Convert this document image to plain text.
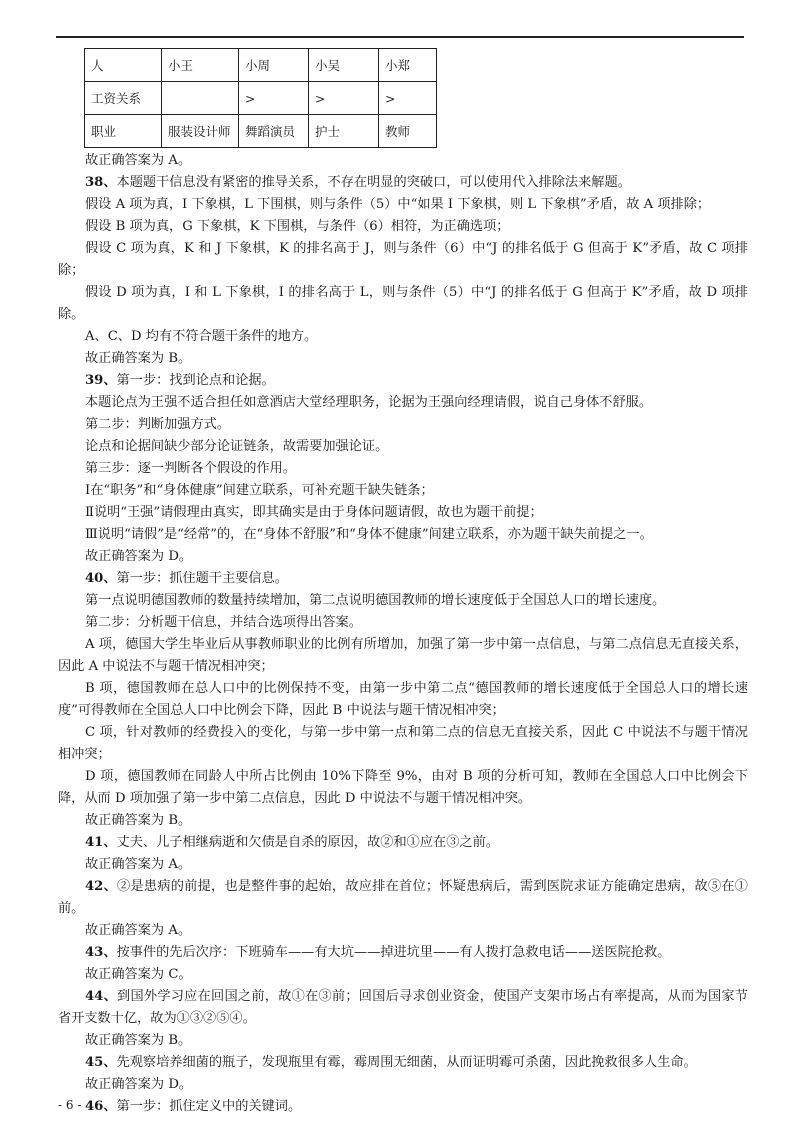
人	小王	小周	小吴	小郑
工资关系		>	>	>
职业	服装设计师	舞蹈演员	护士	教师

故正确答案为 A。

38、本题题干信息没有紧密的推导关系，不存在明显的突破口，可以使用代入排除法来解题。

假设 A 项为真，I 下象棋，L 下围棋，则与条件（5）中“如果 I 下象棋，则 L 下象棋”矛盾，故 A 项排除；

假设 B 项为真，G 下象棋，K 下围棋，与条件（6）相符，为正确选项；

假设 C 项为真，K 和 J 下象棋，K 的排名高于 J，则与条件（6）中“J 的排名低于 G 但高于 K”矛盾，故 C 项排除；

假设 D 项为真，I 和 L 下象棋，I 的排名高于 L，则与条件（5）中“J 的排名低于 G 但高于 K”矛盾，故 D 项排除。

A、C、D 均有不符合题干条件的地方。

故正确答案为 B。

39、第一步：找到论点和论据。

本题论点为王强不适合担任如意酒店大堂经理职务，论据为王强向经理请假，说自己身体不舒服。

第二步：判断加强方式。

论点和论据间缺少部分论证链条，故需要加强论证。

第三步：逐一判断各个假设的作用。

Ⅰ在“职务”和“身体健康”间建立联系，可补充题干缺失链条；

Ⅱ说明“王强”请假理由真实，即其确实是由于身体问题请假，故也为题干前提；

Ⅲ说明“请假”是“经常”的，在“身体不舒服”和“身体不健康”间建立联系，亦为题干缺失前提之一。

故正确答案为 D。

40、第一步：抓住题干主要信息。

第一点说明德国教师的数量持续增加，第二点说明德国教师的增长速度低于全国总人口的增长速度。

第二步：分析题干信息，并结合选项得出答案。

A 项，德国大学生毕业后从事教师职业的比例有所增加，加强了第一步中第一点信息，与第二点信息无直接关系，因此 A 中说法不与题干情况相冲突；

B 项，德国教师在总人口中的比例保持不变，由第一步中第二点“德国教师的增长速度低于全国总人口的增长速度”可得教师在全国总人口中比例会下降，因此 B 中说法与题干情况相冲突；

C 项，针对教师的经费投入的变化，与第一步中第一点和第二点的信息无直接关系，因此 C 中说法不与题干情况相冲突；

D 项，德国教师在同龄人中所占比例由 10%下降至 9%，由对 B 项的分析可知，教师在全国总人口中比例会下降，从而 D 项加强了第一步中第二点信息，因此 D 中说法不与题干情况相冲突。

故正确答案为 B。

41、丈夫、儿子相继病逝和欠债是自杀的原因，故②和①应在③之前。

故正确答案为 A。

42、②是患病的前提，也是整件事的起始，故应排在首位；怀疑患病后，需到医院求证方能确定患病，故⑤在①前。

故正确答案为 A。

43、按事件的先后次序：下班骑车——有大坑——掉进坑里——有人拨打急救电话——送医院抢救。

故正确答案为 C。

44、到国外学习应在回国之前，故①在③前；回国后寻求创业资金，使国产支架市场占有率提高，从而为国家节省开支数十亿，故为①③②⑤④。

故正确答案为 B。

45、先观察培养细菌的瓶子，发现瓶里有霉，霉周围无细菌，从而证明霉可杀菌，因此挽救很多人生命。

故正确答案为 D。

46、第一步：抓住定义中的关键词。

- 6 -
